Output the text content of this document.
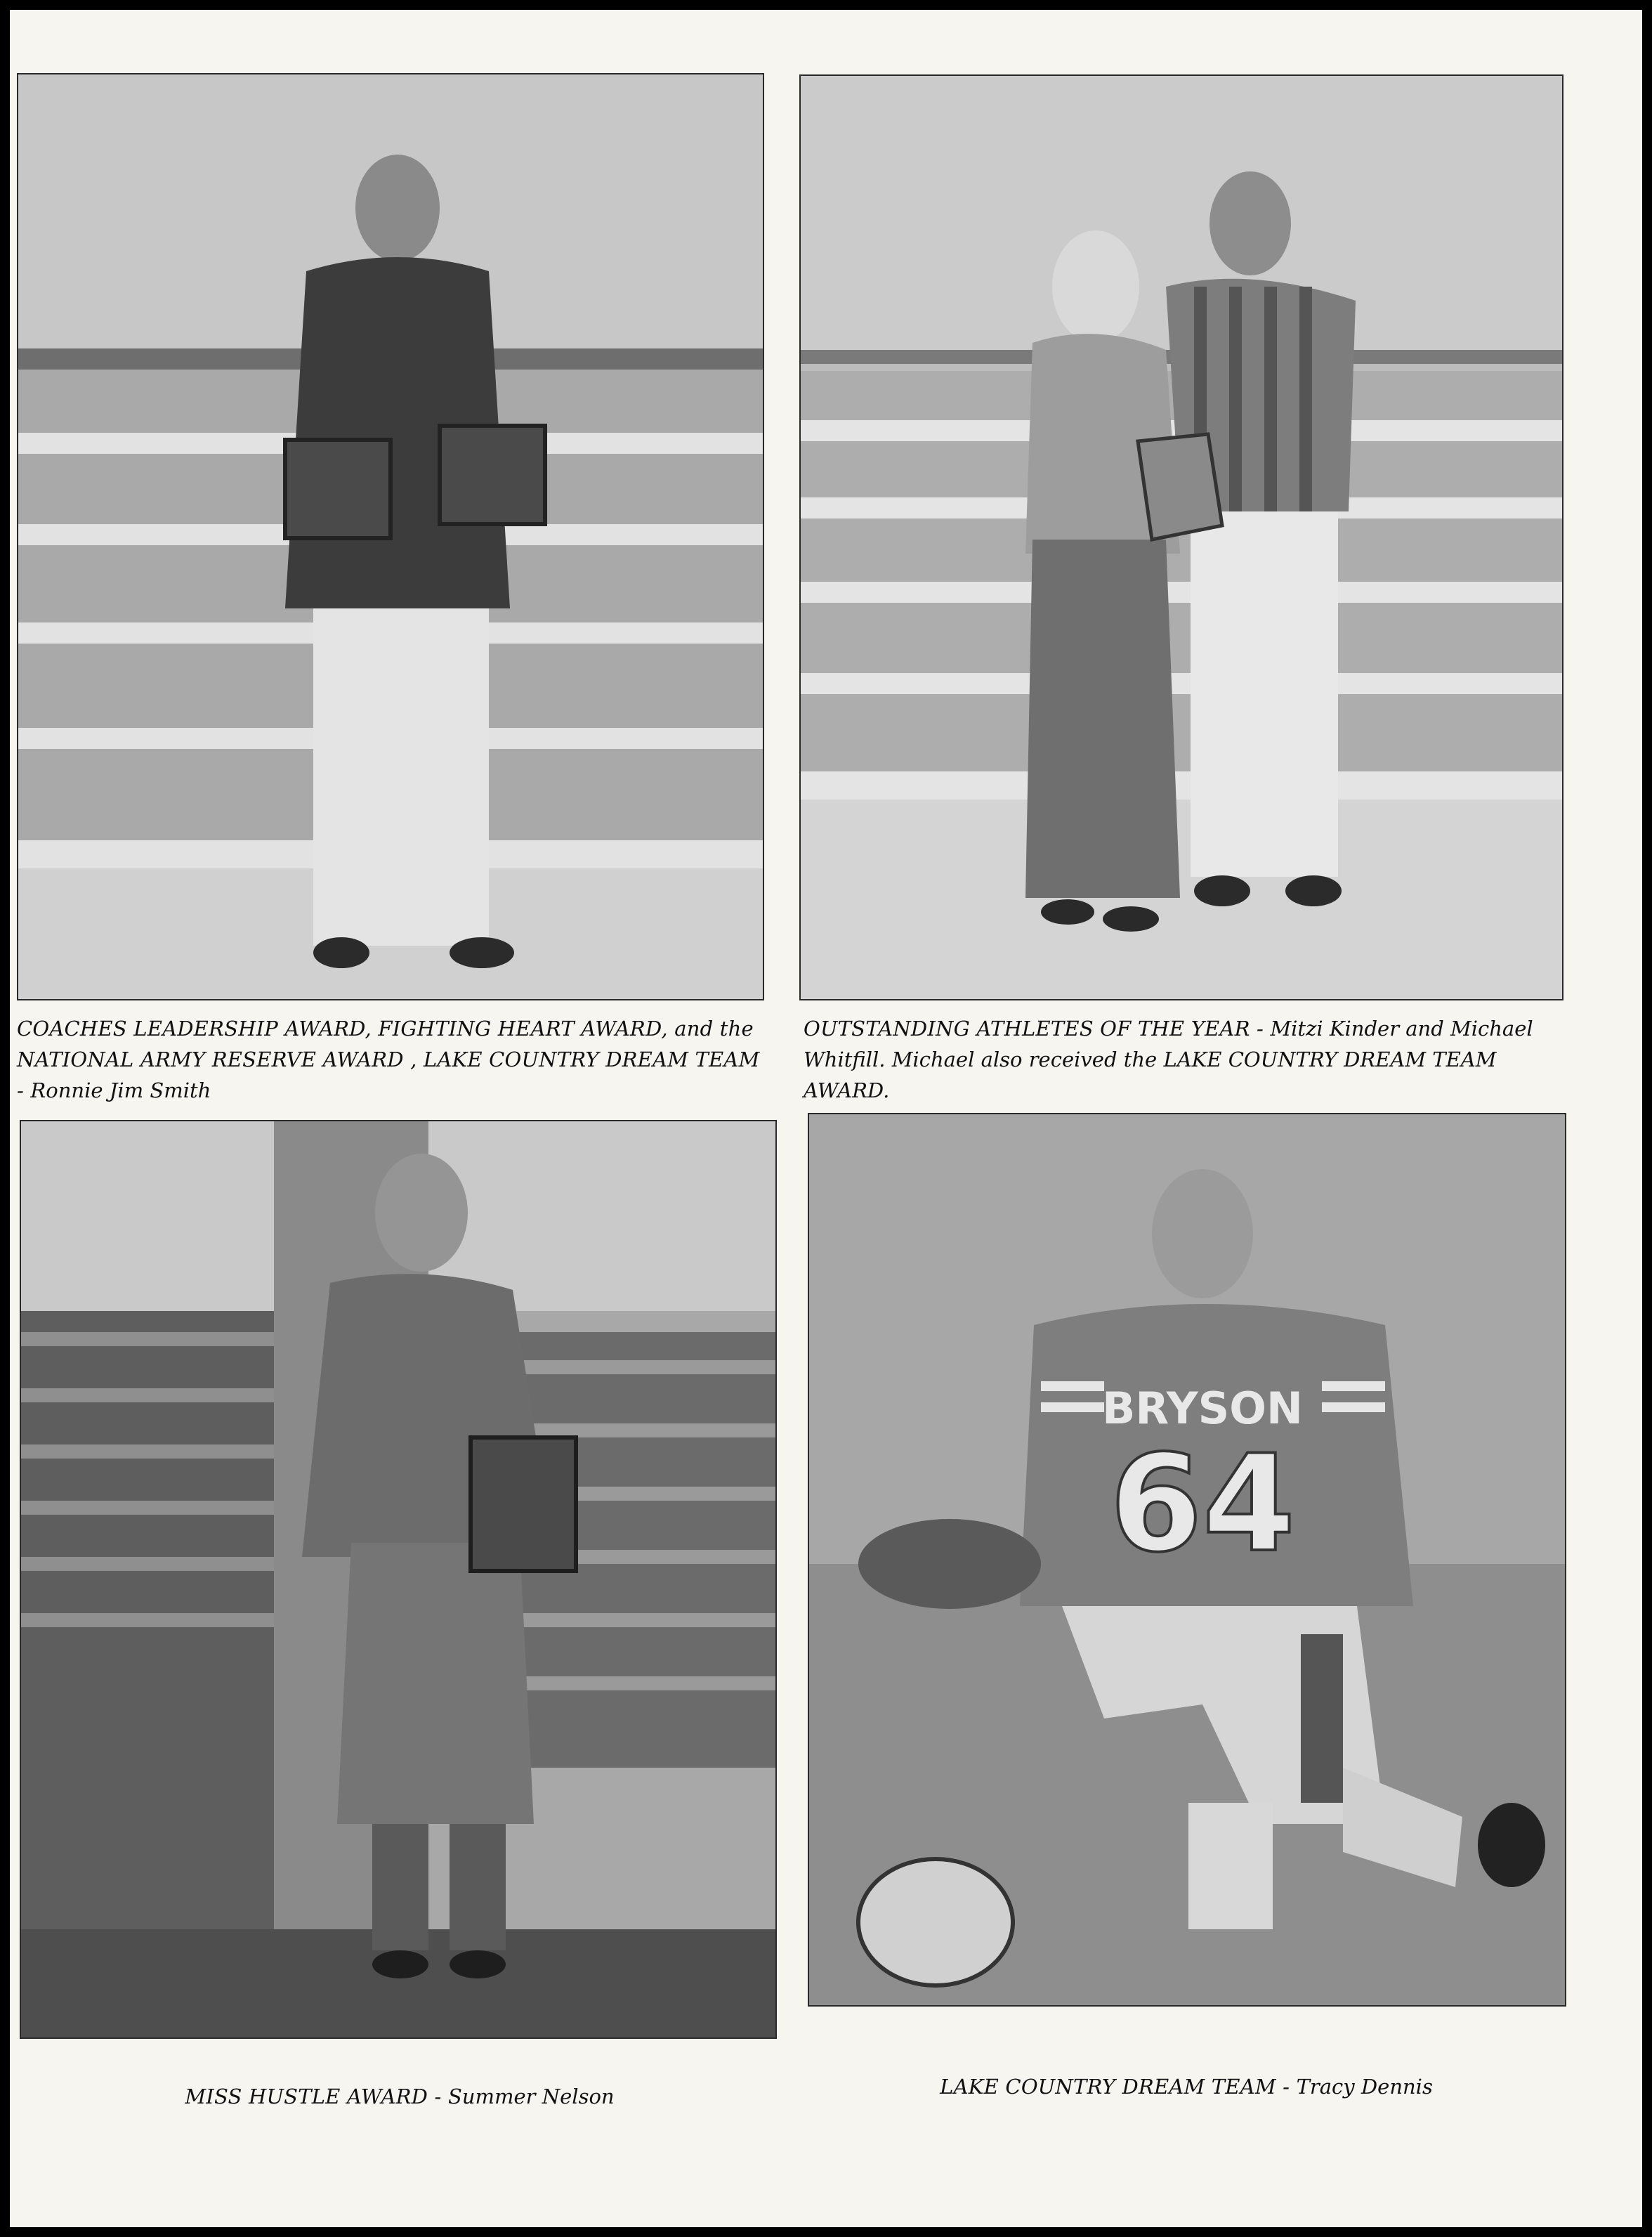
BRYSON
64
COACHES LEADERSHIP AWARD, FIGHTING HEART AWARD, and the NATIONAL ARMY RESERVE AWARD , LAKE COUNTRY DREAM TEAM - Ronnie Jim Smith
OUTSTANDING ATHLETES OF THE YEAR - Mitzi Kinder and Michael Whitfill. Michael also received the LAKE COUNTRY DREAM TEAM AWARD.
MISS HUSTLE AWARD - Summer Nelson	LAKE COUNTRY DREAM TEAM - Tracy Dennis
